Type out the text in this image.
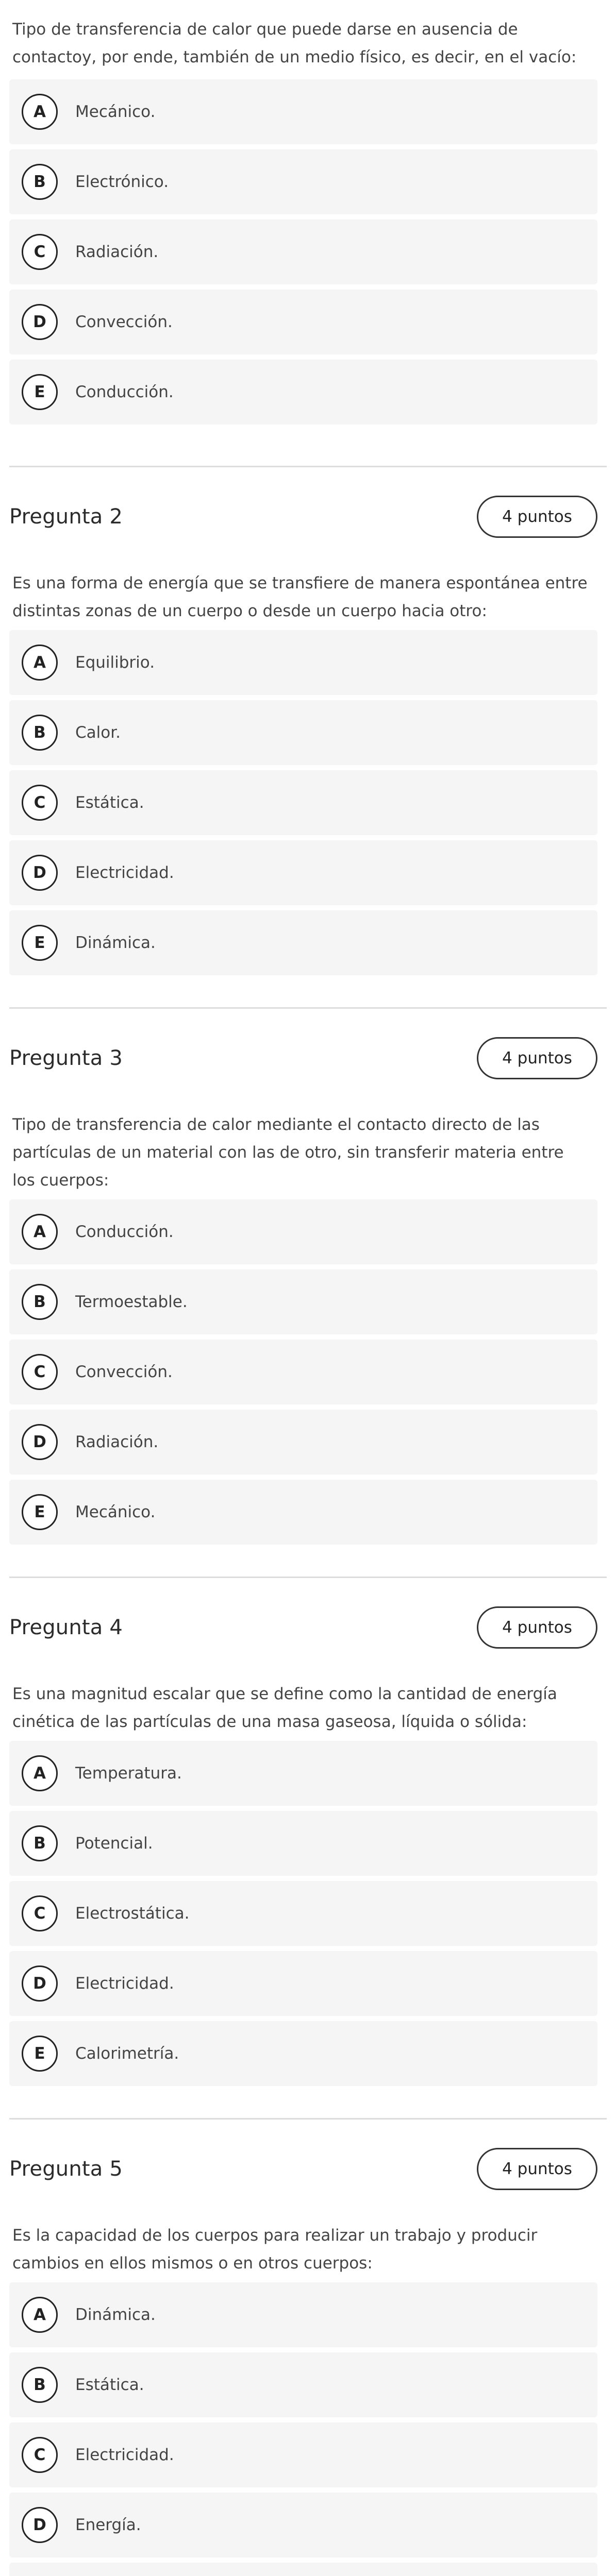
Tipo de transferencia de calor que puede darse en ausencia de contactoy, por ende, también de un medio físico, es decir, en el vacío:

A	Mecánico.
B	Electrónico.
C	Radiación.
D	Convección.
E	Conducción.
Pregunta 2	4 puntos

Es una forma de energía que se transfiere de manera espontánea entre distintas zonas de un cuerpo o desde un cuerpo hacia otro:

A	Equilibrio.
B	Calor.
C	Estática.
D	Electricidad.
E	Dinámica.
Pregunta 3	4 puntos

Tipo de transferencia de calor mediante el contacto directo de las partículas de un material con las de otro, sin transferir materia entre los cuerpos:

A	Conducción.
B	Termoestable.
C	Convección.
D	Radiación.
E	Mecánico.
Pregunta 4	4 puntos

Es una magnitud escalar que se define como la cantidad de energía cinética de las partículas de una masa gaseosa, líquida o sólida:

A	Temperatura.
B	Potencial.
C	Electrostática.
D	Electricidad.
E	Calorimetría.
Pregunta 5	4 puntos

Es la capacidad de los cuerpos para realizar un trabajo y producir cambios en ellos mismos o en otros cuerpos:

A	Dinámica.
B	Estática.
C	Electricidad.
D	Energía.
